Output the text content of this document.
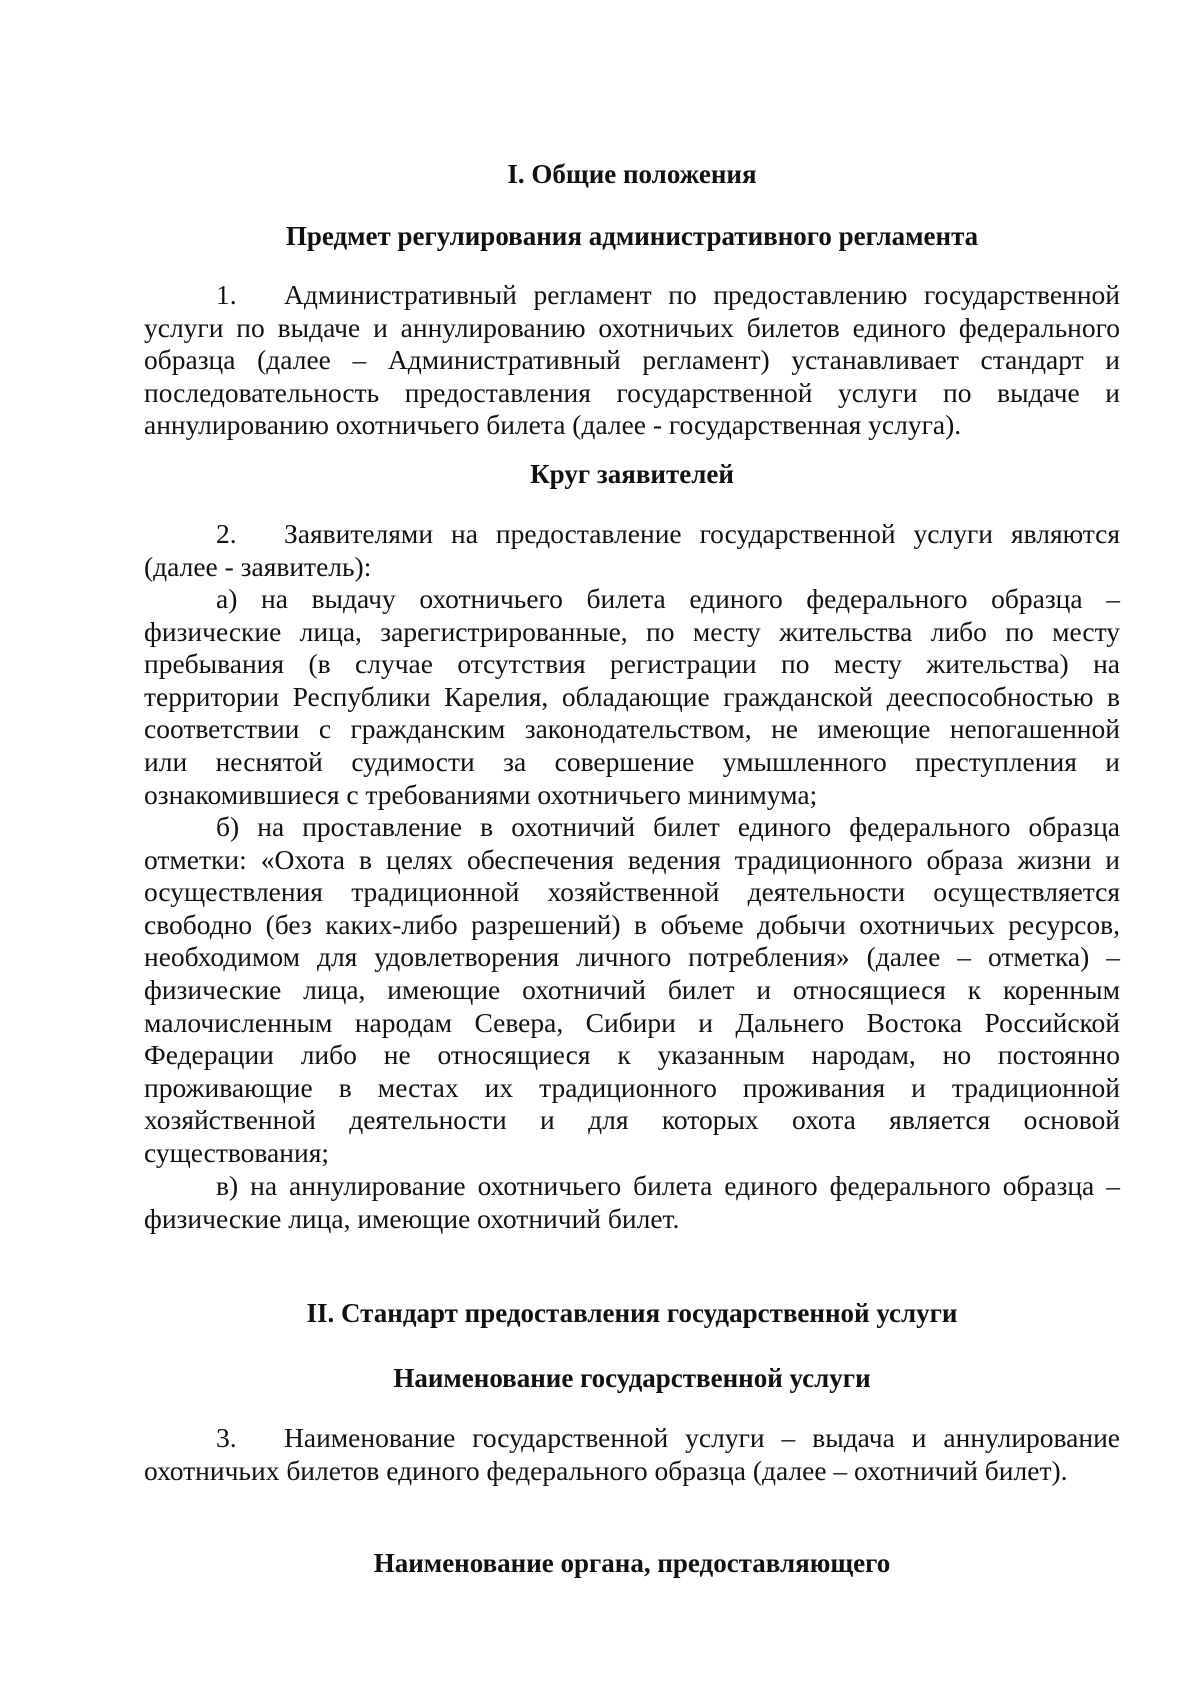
I. Общие положения
Предмет регулирования административного регламента
1. Административный регламент по предоставлению государственной
услуги по выдаче и аннулированию охотничьих билетов единого федерального
образца (далее – Административный регламент) устанавливает стандарт и
последовательность предоставления государственной услуги по выдаче и
аннулированию охотничьего билета (далее - государственная услуга).
Круг заявителей
2. Заявителями на предоставление государственной услуги являются
(далее - заявитель):
а) на выдачу охотничьего билета единого федерального образца –
физические лица, зарегистрированные, по месту жительства либо по месту
пребывания (в случае отсутствия регистрации по месту жительства) на
территории Республики Карелия, обладающие гражданской дееспособностью в
соответствии с гражданским законодательством, не имеющие непогашенной
или неснятой судимости за совершение умышленного преступления и
ознакомившиеся с требованиями охотничьего минимума;
б) на проставление в охотничий билет единого федерального образца
отметки: «Охота в целях обеспечения ведения традиционного образа жизни и
осуществления традиционной хозяйственной деятельности осуществляется
свободно (без каких-либо разрешений) в объеме добычи охотничьих ресурсов,
необходимом для удовлетворения личного потребления» (далее – отметка) –
физические лица, имеющие охотничий билет и относящиеся к коренным
малочисленным народам Севера, Сибири и Дальнего Востока Российской
Федерации либо не относящиеся к указанным народам, но постоянно
проживающие в местах их традиционного проживания и традиционной
хозяйственной деятельности и для которых охота является основой
существования;
в) на аннулирование охотничьего билета единого федерального образца –
физические лица, имеющие охотничий билет.
II. Стандарт предоставления государственной услуги
Наименование государственной услуги
3. Наименование государственной услуги – выдача и аннулирование
охотничьих билетов единого федерального образца (далее – охотничий билет).
Наименование органа, предоставляющего
